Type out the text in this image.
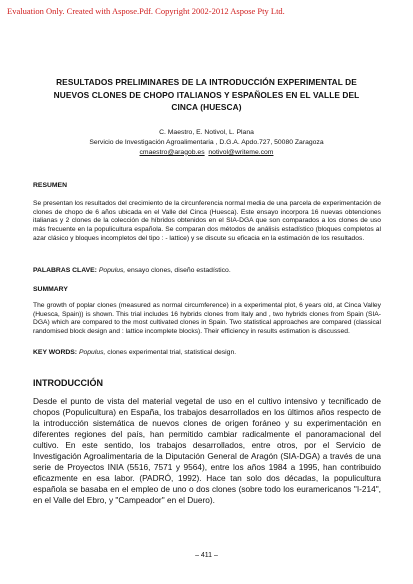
Evaluation Only. Created with Aspose.Pdf. Copyright 2002-2012 Aspose Pty Ltd.
RESULTADOS PRELIMINARES DE LA INTRODUCCIÓN EXPERIMENTAL DE NUEVOS CLONES DE CHOPO ITALIANOS Y ESPAÑOLES EN EL VALLE DEL CINCA (HUESCA)
C. Maestro, E. Notivol, L. Plana
Servicio de Investigación Agroalimentaria , D.G.A. Apdo.727, 50080 Zaragoza
cmaestro@aragob.es notivol@writeme.com
RESUMEN
Se presentan los resultados del crecimiento de la circunferencia normal media de una parcela de experimentación de clones de chopo de 6 años ubicada en el Valle del Cinca (Huesca). Este ensayo incorpora 16 nuevas obtenciones italianas y 2 clones de la colección de híbridos obtenidos en el SIA-DGA que son comparados a los clones de uso más frecuente en la populicultura española. Se comparan dos métodos de análisis estadístico (bloques completos al azar clásico y bloques incompletos del tipo : - lattice) y se discute su eficacia en la estimación de los resultados.
PALABRAS CLAVE: Populus, ensayo clones, diseño estadístico.
SUMMARY
The growth of poplar clones (measured as normal circumference) in a experimental plot, 6 years old, at Cinca Valley (Huesca, Spain)) is shown. This trial includes 16 hybrids clones from Italy and , two hybrids clones from Spain (SIA-DGA) which are compared to the most cultivated clones in Spain. Two statistical approaches are compared (classical randomised block design and : lattice incomplete blocks). Their efficiency in results estimation is discussed.
KEY WORDS: Populus, clones experimental trial, statistical design.
INTRODUCCIÓN
Desde el punto de vista del material vegetal de uso en el cultivo intensivo y tecnificado de chopos (Populicultura) en España, los trabajos desarrollados en los últimos años respecto de la introducción sistemática de nuevos clones de origen foráneo y su experimentación en diferentes regiones del país, han permitido cambiar radicalmente el panoramacional del cultivo. En este sentido, los trabajos desarrollados, entre otros, por el Servicio de Investigación Agroalimentaria de la Diputación General de Aragón (SIA-DGA) a través de una serie de Proyectos INIA (5516, 7571 y 9564), entre los años 1984 a 1995, han contribuido eficazmente en esa labor. (PADRÓ, 1992). Hace tan solo dos décadas, la populicultura española se basaba en el empleo de uno o dos clones (sobre todo los euramericanos "I-214", en el Valle del Ebro, y "Campeador" en el Duero).
– 411 –
